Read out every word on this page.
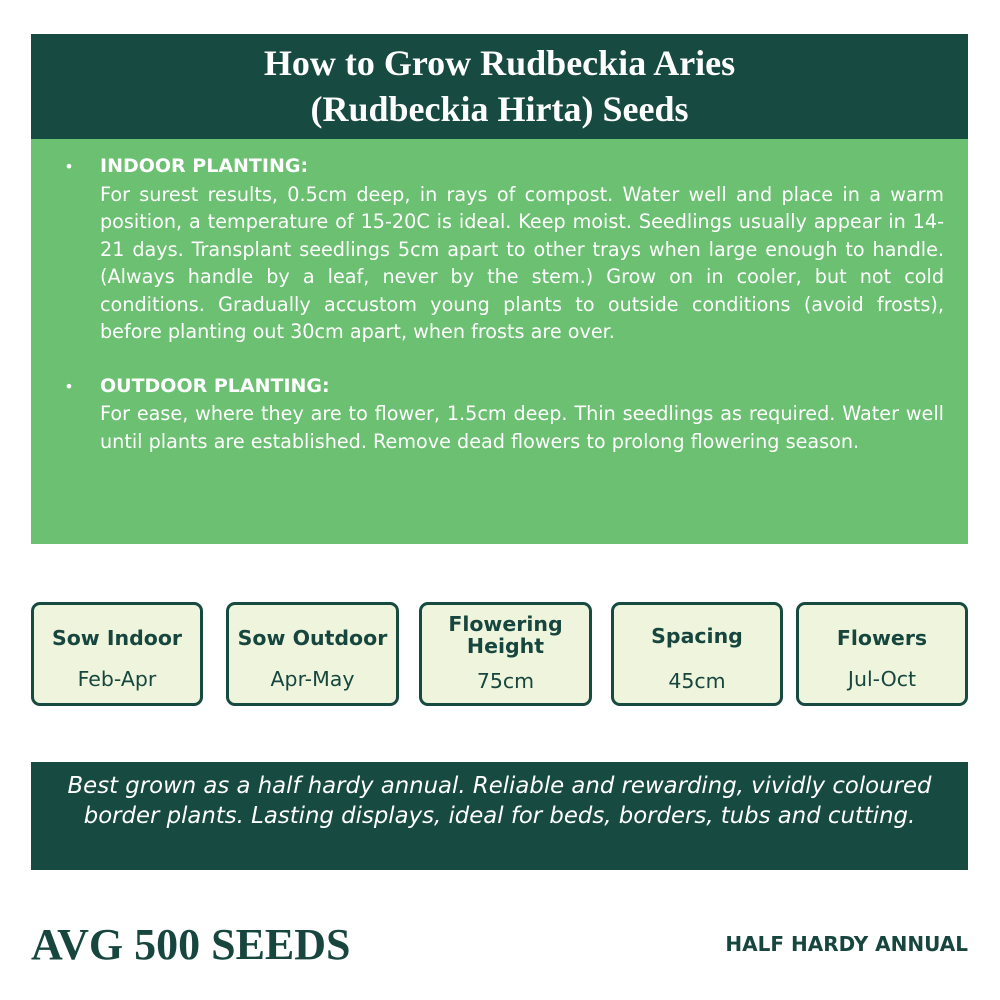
How to Grow Rudbeckia Aries
(Rudbeckia Hirta) Seeds
• INDOOR PLANTING:
For surest results, 0.5cm deep, in rays of compost. Water well and place in a warm position, a temperature of 15-20C is ideal. Keep moist. Seedlings usually appear in 14-21 days. Transplant seedlings 5cm apart to other trays when large enough to handle. (Always handle by a leaf, never by the stem.) Grow on in cooler, but not cold conditions. Gradually accustom young plants to outside conditions (avoid frosts), before planting out 30cm apart, when frosts are over.
• OUTDOOR PLANTING:
For ease, where they are to flower, 1.5cm deep. Thin seedlings as required. Water well until plants are established. Remove dead flowers to prolong flowering season.
Sow Indoor
Feb-Apr
Sow Outdoor
Apr-May
Flowering Height
75cm
Spacing
45cm
Flowers
Jul-Oct
Best grown as a half hardy annual. Reliable and rewarding, vividly coloured border plants. Lasting displays, ideal for beds, borders, tubs and cutting.
AVG 500 SEEDS	HALF HARDY ANNUAL
